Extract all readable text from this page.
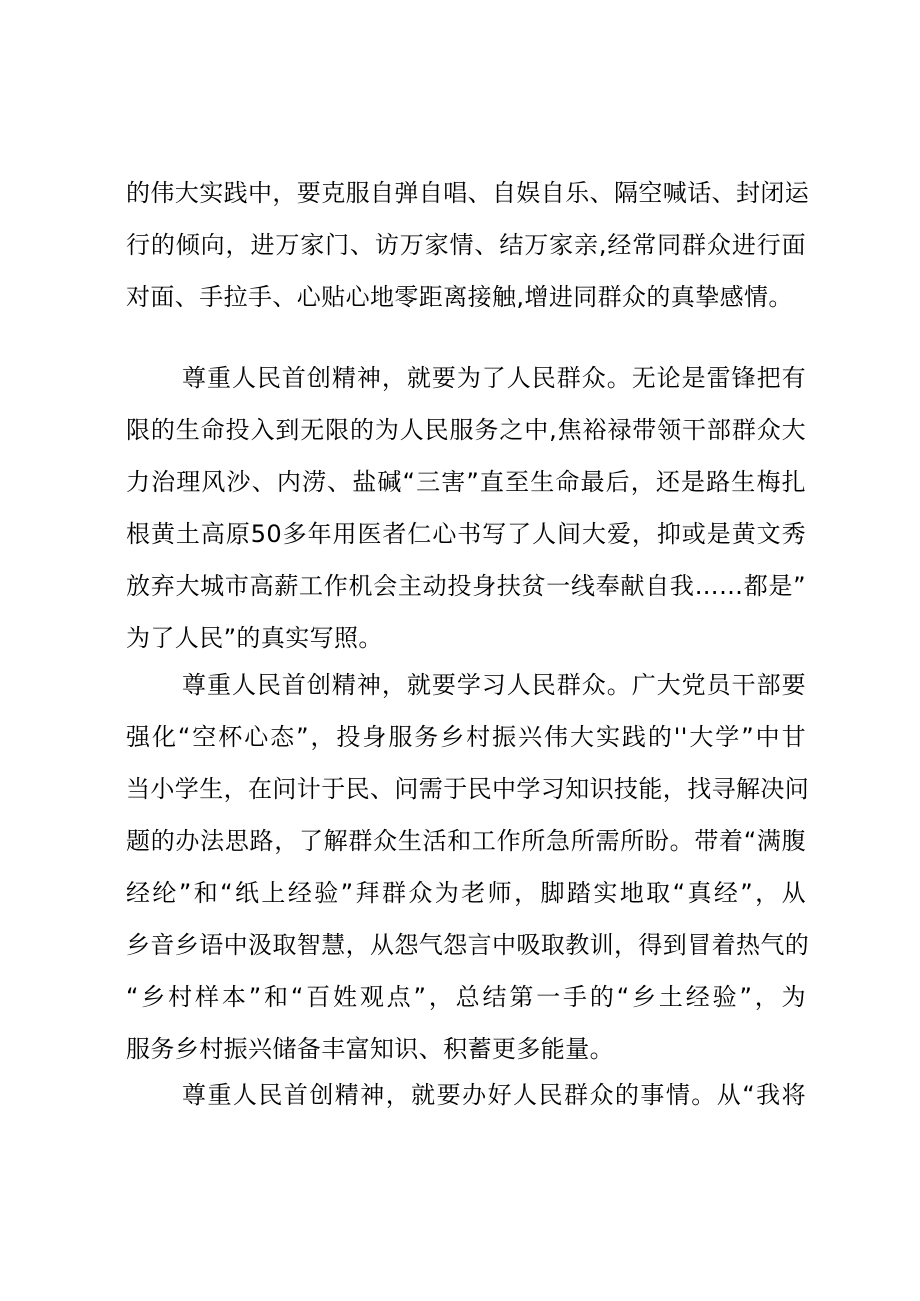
的伟大实践中，要克服自弹自唱、自娱自乐、隔空喊话、封闭运
行的倾向，进万家门、访万家情、结万家亲,经常同群众进行面
对面、手拉手、心贴心地零距离接触,增进同群众的真挚感情。
尊重人民首创精神，就要为了人民群众。无论是雷锋把有
限的生命投入到无限的为人民服务之中,焦裕禄带领干部群众大
力治理风沙、内涝、盐碱“三害”直至生命最后，还是路生梅扎
根黄土高原50多年用医者仁心书写了人间大爱，抑或是黄文秀
放弃大城市高薪工作机会主动投身扶贫一线奉献自我……都是”
为了人民”的真实写照。
尊重人民首创精神，就要学习人民群众。广大党员干部要
强化“空杯心态”，投身服务乡村振兴伟大实践的''大学”中甘
当小学生，在问计于民、问需于民中学习知识技能，找寻解决问
题的办法思路，了解群众生活和工作所急所需所盼。带着“满腹
经纶”和“纸上经验”拜群众为老师，脚踏实地取“真经”，从
乡音乡语中汲取智慧，从怨气怨言中吸取教训，得到冒着热气的
“乡村样本”和“百姓观点”，总结第一手的“乡土经验”，为
服务乡村振兴储备丰富知识、积蓄更多能量。
尊重人民首创精神，就要办好人民群众的事情。从“我将
